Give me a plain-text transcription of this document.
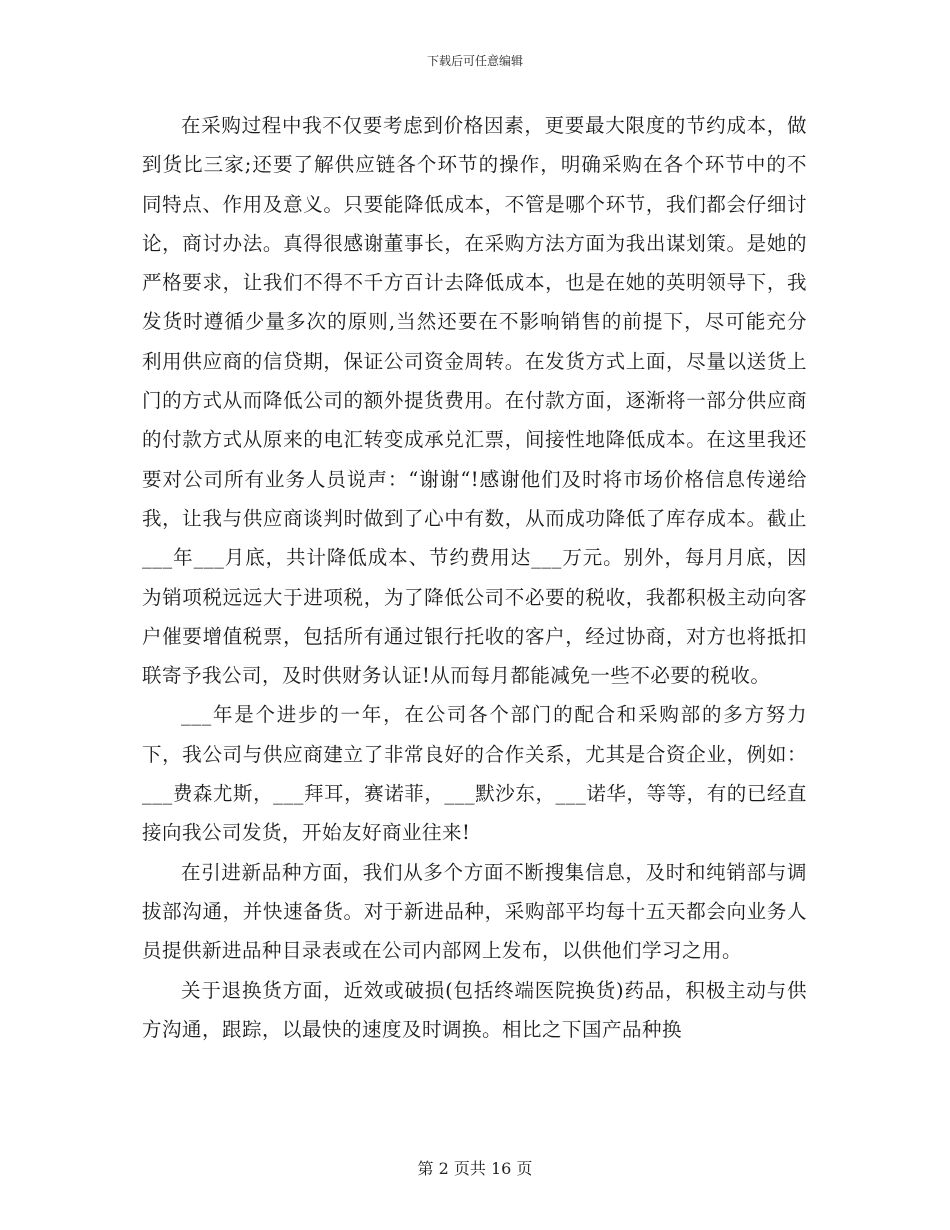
下载后可任意编辑

在采购过程中我不仅要考虑到价格因素，更要最大限度的节约成本，做到货比三家;还要了解供应链各个环节的操作，明确采购在各个环节中的不同特点、作用及意义。只要能降低成本，不管是哪个环节，我们都会仔细讨论，商讨办法。真得很感谢董事长，在采购方法方面为我出谋划策。是她的严格要求，让我们不得不千方百计去降低成本，也是在她的英明领导下，我发货时遵循少量多次的原则,当然还要在不影响销售的前提下，尽可能充分利用供应商的信贷期，保证公司资金周转。在发货方式上面，尽量以送货上门的方式从而降低公司的额外提货费用。在付款方面，逐渐将一部分供应商的付款方式从原来的电汇转变成承兑汇票，间接性地降低成本。在这里我还要对公司所有业务人员说声：“谢谢“!感谢他们及时将市场价格信息传递给我，让我与供应商谈判时做到了心中有数，从而成功降低了库存成本。截止___年___月底，共计降低成本、节约费用达___万元。别外，每月月底，因为销项税远远大于进项税，为了降低公司不必要的税收，我都积极主动向客户催要增值税票，包括所有通过银行托收的客户，经过协商，对方也将抵扣联寄予我公司，及时供财务认证!从而每月都能减免一些不必要的税收。

___年是个进步的一年，在公司各个部门的配合和采购部的多方努力下，我公司与供应商建立了非常良好的合作关系，尤其是合资企业，例如：___费森尤斯，___拜耳，赛诺菲，___默沙东，___诺华，等等，有的已经直接向我公司发货，开始友好商业往来!

在引进新品种方面，我们从多个方面不断搜集信息，及时和纯销部与调拔部沟通，并快速备货。对于新进品种，采购部平均每十五天都会向业务人员提供新进品种目录表或在公司内部网上发布，以供他们学习之用。

关于退换货方面，近效或破损(包括终端医院换货)药品，积极主动与供方沟通，跟踪，以最快的速度及时调换。相比之下国产品种换

第 2 页共 16 页
